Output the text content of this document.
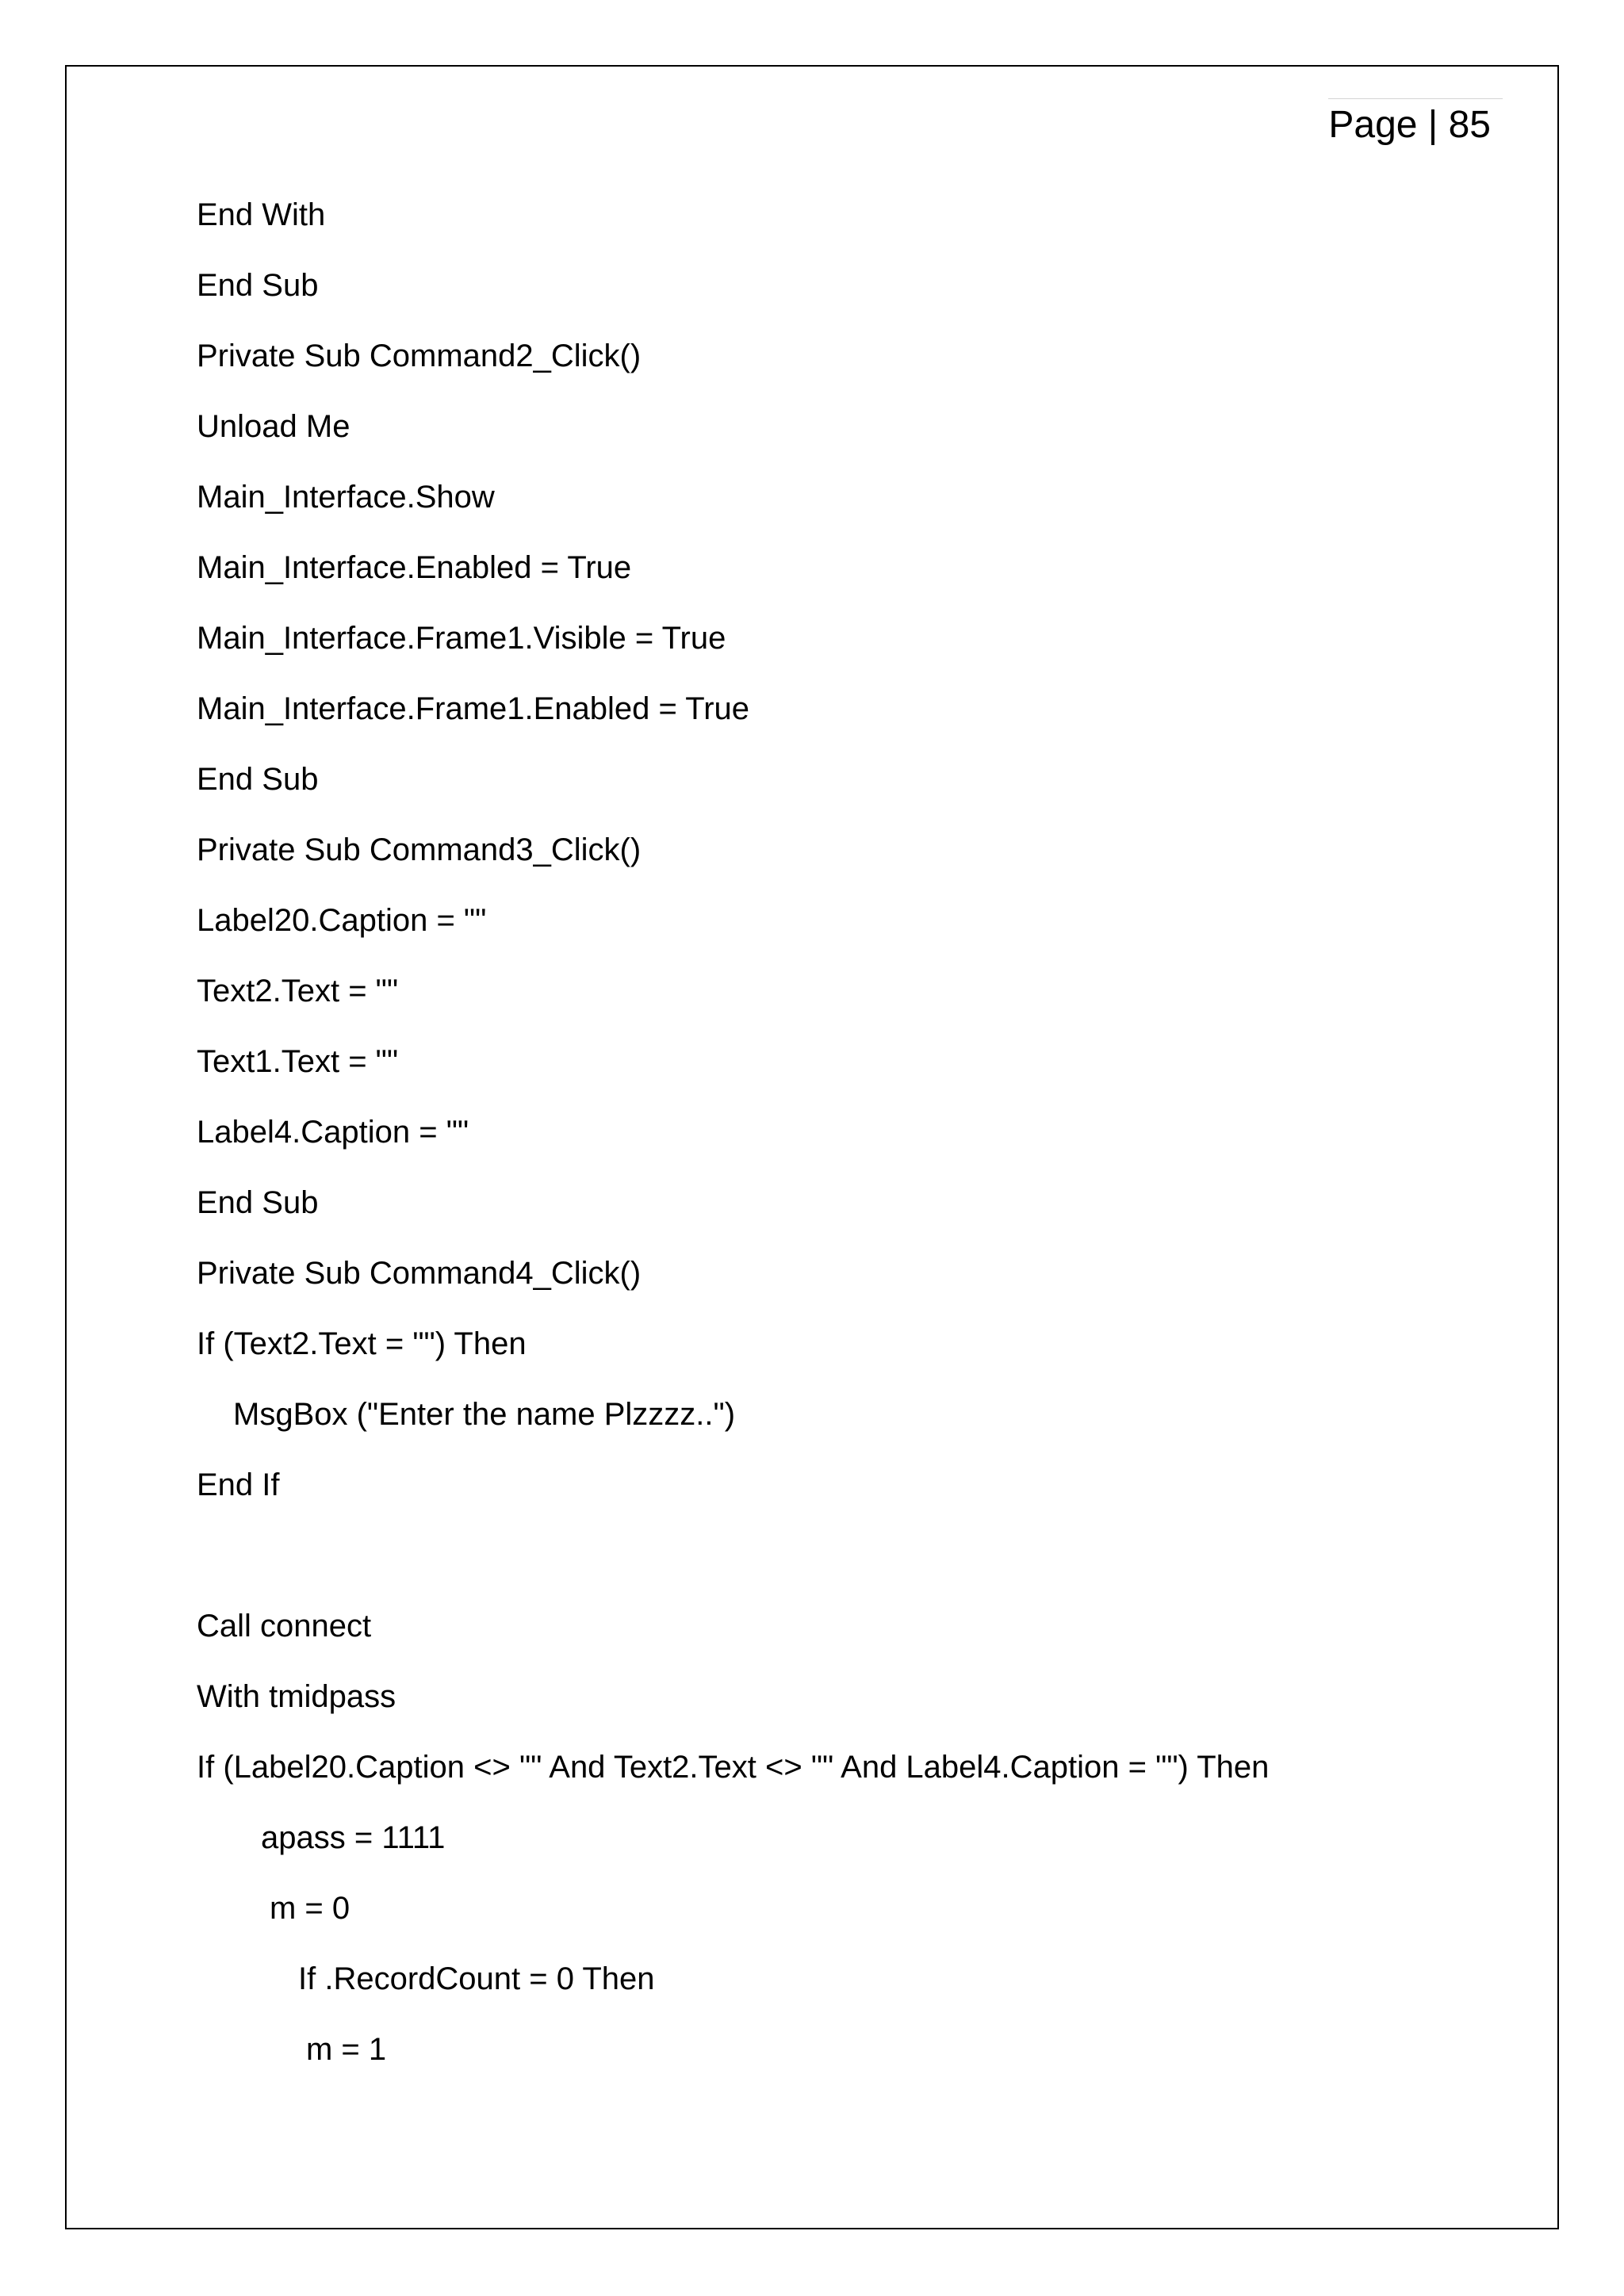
Page | 85
End With
End Sub
Private Sub Command2_Click()
Unload Me
Main_Interface.Show
Main_Interface.Enabled = True
Main_Interface.Frame1.Visible = True
Main_Interface.Frame1.Enabled = True
End Sub
Private Sub Command3_Click()
Label20.Caption = ""
Text2.Text = ""
Text1.Text = ""
Label4.Caption = ""
End Sub
Private Sub Command4_Click()
If (Text2.Text = "") Then
MsgBox ("Enter the name Plzzzz..")
End If
Call connect
With tmidpass
If (Label20.Caption <> "" And Text2.Text <> "" And Label4.Caption = "") Then
apass = 1111
m = 0
If .RecordCount = 0 Then
m = 1
